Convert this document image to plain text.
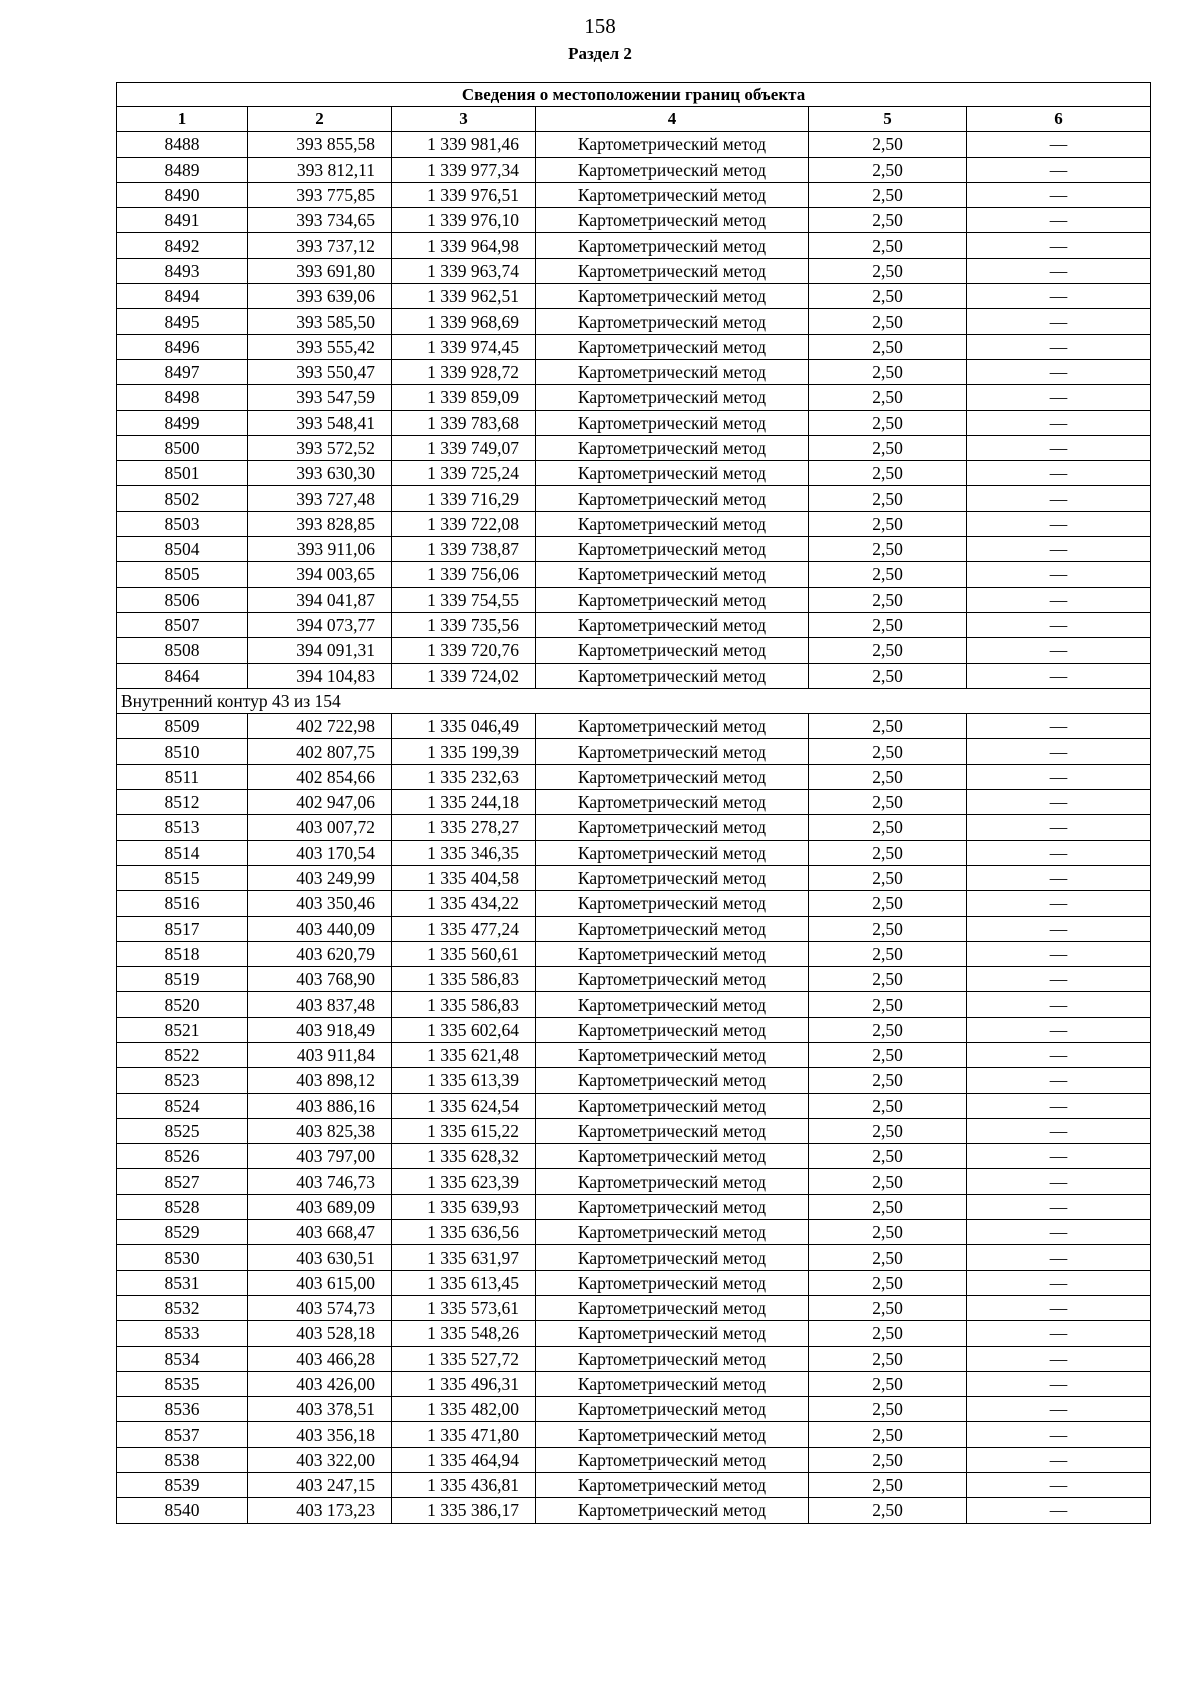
158
Раздел 2
Сведения о местоположении границ объекта					
1	2	3	4	5	6
8488	393 855,58	1 339 981,46	Картометрический метод	2,50	—
8489	393 812,11	1 339 977,34	Картометрический метод	2,50	—
8490	393 775,85	1 339 976,51	Картометрический метод	2,50	—
8491	393 734,65	1 339 976,10	Картометрический метод	2,50	—
8492	393 737,12	1 339 964,98	Картометрический метод	2,50	—
8493	393 691,80	1 339 963,74	Картометрический метод	2,50	—
8494	393 639,06	1 339 962,51	Картометрический метод	2,50	—
8495	393 585,50	1 339 968,69	Картометрический метод	2,50	—
8496	393 555,42	1 339 974,45	Картометрический метод	2,50	—
8497	393 550,47	1 339 928,72	Картометрический метод	2,50	—
8498	393 547,59	1 339 859,09	Картометрический метод	2,50	—
8499	393 548,41	1 339 783,68	Картометрический метод	2,50	—
8500	393 572,52	1 339 749,07	Картометрический метод	2,50	—
8501	393 630,30	1 339 725,24	Картометрический метод	2,50	—
8502	393 727,48	1 339 716,29	Картометрический метод	2,50	—
8503	393 828,85	1 339 722,08	Картометрический метод	2,50	—
8504	393 911,06	1 339 738,87	Картометрический метод	2,50	—
8505	394 003,65	1 339 756,06	Картометрический метод	2,50	—
8506	394 041,87	1 339 754,55	Картометрический метод	2,50	—
8507	394 073,77	1 339 735,56	Картометрический метод	2,50	—
8508	394 091,31	1 339 720,76	Картометрический метод	2,50	—
8464	394 104,83	1 339 724,02	Картометрический метод	2,50	—
Внутренний контур 43 из 154					
8509	402 722,98	1 335 046,49	Картометрический метод	2,50	—
8510	402 807,75	1 335 199,39	Картометрический метод	2,50	—
8511	402 854,66	1 335 232,63	Картометрический метод	2,50	—
8512	402 947,06	1 335 244,18	Картометрический метод	2,50	—
8513	403 007,72	1 335 278,27	Картометрический метод	2,50	—
8514	403 170,54	1 335 346,35	Картометрический метод	2,50	—
8515	403 249,99	1 335 404,58	Картометрический метод	2,50	—
8516	403 350,46	1 335 434,22	Картометрический метод	2,50	—
8517	403 440,09	1 335 477,24	Картометрический метод	2,50	—
8518	403 620,79	1 335 560,61	Картометрический метод	2,50	—
8519	403 768,90	1 335 586,83	Картометрический метод	2,50	—
8520	403 837,48	1 335 586,83	Картометрический метод	2,50	—
8521	403 918,49	1 335 602,64	Картометрический метод	2,50	—
8522	403 911,84	1 335 621,48	Картометрический метод	2,50	—
8523	403 898,12	1 335 613,39	Картометрический метод	2,50	—
8524	403 886,16	1 335 624,54	Картометрический метод	2,50	—
8525	403 825,38	1 335 615,22	Картометрический метод	2,50	—
8526	403 797,00	1 335 628,32	Картометрический метод	2,50	—
8527	403 746,73	1 335 623,39	Картометрический метод	2,50	—
8528	403 689,09	1 335 639,93	Картометрический метод	2,50	—
8529	403 668,47	1 335 636,56	Картометрический метод	2,50	—
8530	403 630,51	1 335 631,97	Картометрический метод	2,50	—
8531	403 615,00	1 335 613,45	Картометрический метод	2,50	—
8532	403 574,73	1 335 573,61	Картометрический метод	2,50	—
8533	403 528,18	1 335 548,26	Картометрический метод	2,50	—
8534	403 466,28	1 335 527,72	Картометрический метод	2,50	—
8535	403 426,00	1 335 496,31	Картометрический метод	2,50	—
8536	403 378,51	1 335 482,00	Картометрический метод	2,50	—
8537	403 356,18	1 335 471,80	Картометрический метод	2,50	—
8538	403 322,00	1 335 464,94	Картометрический метод	2,50	—
8539	403 247,15	1 335 436,81	Картометрический метод	2,50	—
8540	403 173,23	1 335 386,17	Картометрический метод	2,50	—
